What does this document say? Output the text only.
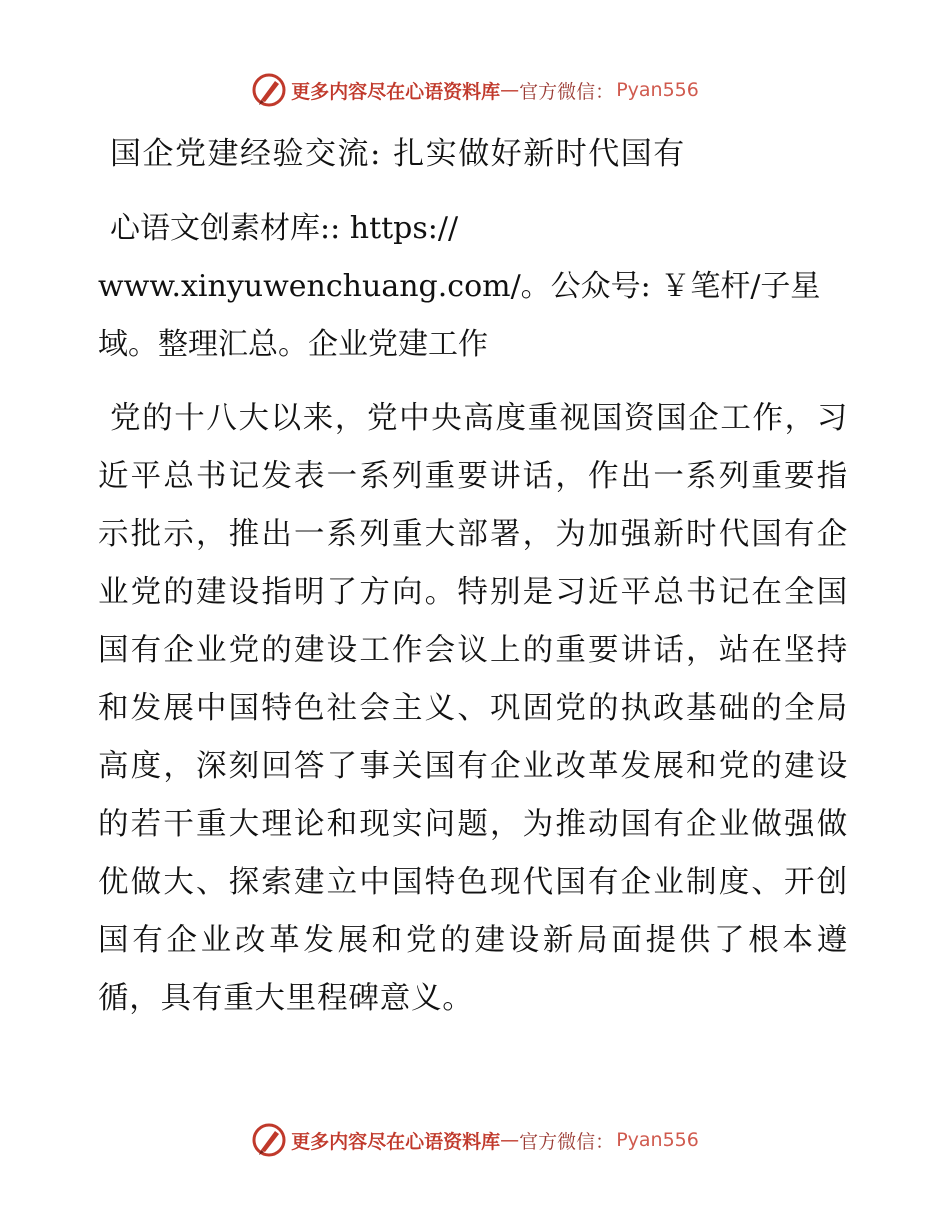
更多内容尽在心语资料库 — 官方微信： Pyan556
国企党建经验交流: 扎实做好新时代国有
心语文创素材库:: https://
www.xinyuwenchuang.com/。公众号: ￥笔杆/子星域。整理汇总。企业党建工作
党的十八大以来，党中央高度重视国资国企工作，习近平总书记发表一系列重要讲话，作出一系列重要指示批示，推出一系列重大部署，为加强新时代国有企业党的建设指明了方向。特别是习近平总书记在全国国有企业党的建设工作会议上的重要讲话，站在坚持和发展中国特色社会主义、巩固党的执政基础的全局高度，深刻回答了事关国有企业改革发展和党的建设的若干重大理论和现实问题，为推动国有企业做强做优做大、探索建立中国特色现代国有企业制度、开创国有企业改革发展和党的建设新局面提供了根本遵循，具有重大里程碑意义。
更多内容尽在心语资料库 — 官方微信： Pyan556
